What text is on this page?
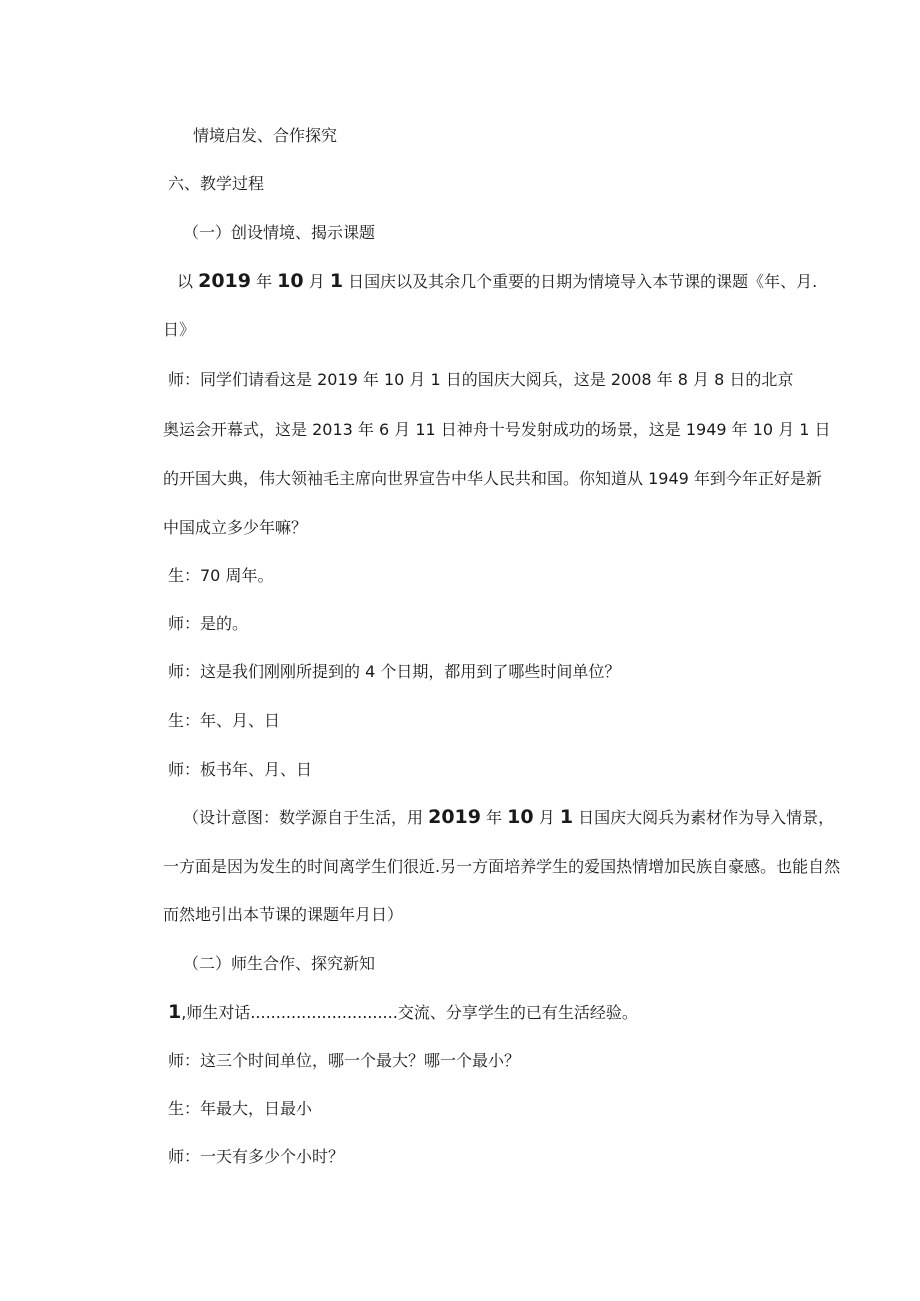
情境启发、合作探究
六、教学过程
（一）创设情境、揭示课题
以 2019 年 10 月 1 日国庆以及其余几个重要的日期为情境导入本节课的课题《年、月.
日》
师：同学们请看这是 2019 年 10 月 1 日的国庆大阅兵，这是 2008 年 8 月 8 日的北京
奥运会开幕式，这是 2013 年 6 月 11 日神舟十号发射成功的场景，这是 1949 年 10 月 1 日
的开国大典，伟大领袖毛主席向世界宣告中华人民共和国。你知道从 1949 年到今年正好是新
中国成立多少年嘛？
生：70 周年。
师：是的。
师：这是我们刚刚所提到的 4 个日期，都用到了哪些时间单位？
生：年、月、日
师：板书年、月、日
（设计意图：数学源自于生活，用 2019 年 10 月 1 日国庆大阅兵为素材作为导入情景，
一方面是因为发生的时间离学生们很近.另一方面培养学生的爱国热情增加民族自豪感。也能自然
而然地引出本节课的课题年月日）
（二）师生合作、探究新知
1,师生对话.............................交流、分享学生的已有生活经验。
师：这三个时间单位，哪一个最大？哪一个最小？
生：年最大，日最小
师：一天有多少个小时？
